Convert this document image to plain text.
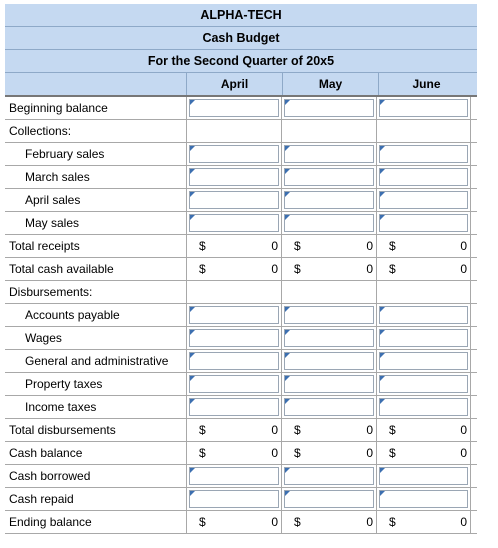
ALPHA-TECH
Cash Budget
For the Second Quarter of 20x5
April	May	June
Beginning balance
Collections:
February sales
March sales
April sales
May sales
Total receipts	$	0 $	0 $	0
Total cash available	$	0 $	0 $	0
Disbursements:
Accounts payable
Wages
General and administrative
Property taxes
Income taxes
Total disbursements	$	0 $	0 $	0
Cash balance	$	0 $	0 $	0
Cash borrowed
Cash repaid
Ending balance	$	0 $	0 $	0
